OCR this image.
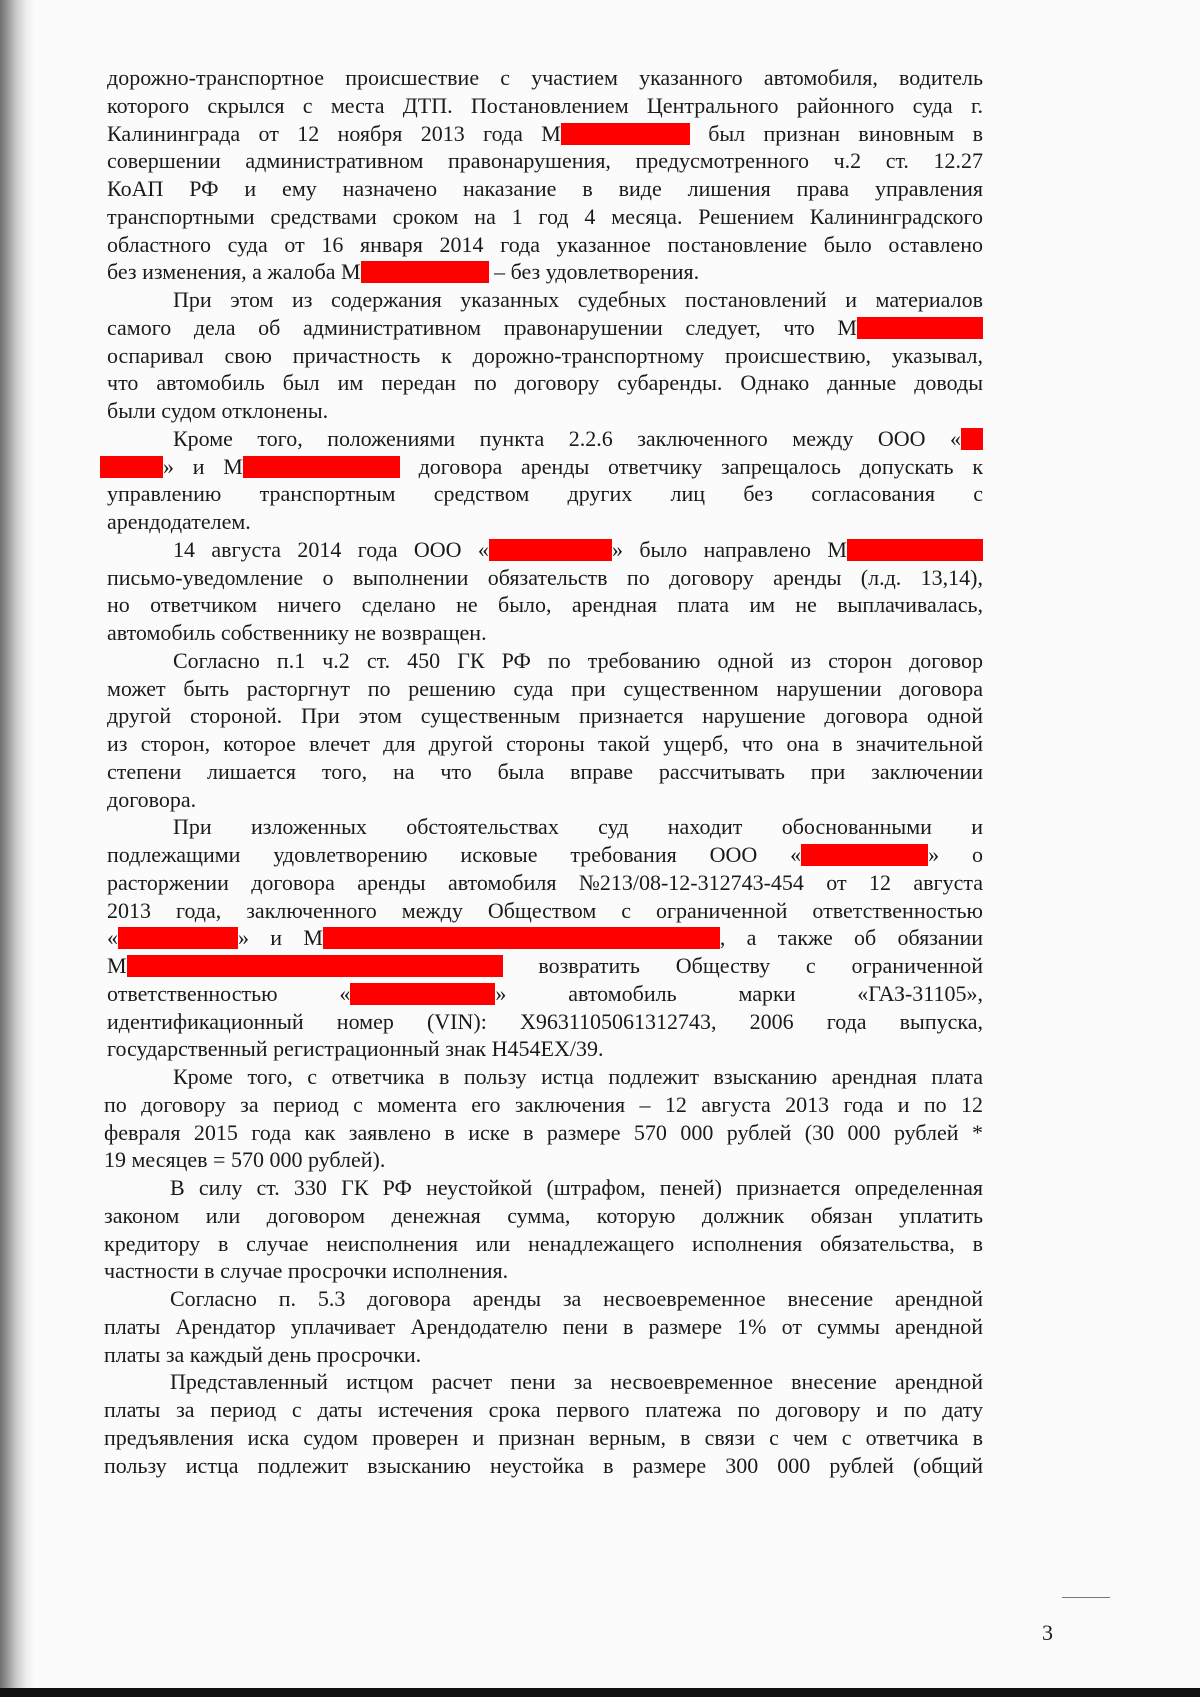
дорожно-транспортное происшествие с участием указанного автомобиля, водитель
которого скрылся с места ДТП. Постановлением Центрального районного суда г.
Калининграда от 12 ноября 2013 года М	был признан виновным в
совершении административном правонарушения, предусмотренного ч.2 ст. 12.27
КоАП РФ и ему назначено наказание в виде лишения права управления
транспортными средствами сроком на 1 год 4 месяца. Решением Калининградского
областного суда от 16 января 2014 года указанное постановление было оставлено
без изменения, а жалоба М	– без удовлетворения.
При этом из содержания указанных судебных постановлений и материалов
самого дела об административном правонарушении следует, что М
оспаривал свою причастность к дорожно-транспортному происшествию, указывал,
что автомобиль был им передан по договору субаренды. Однако данные доводы
были судом отклонены.
Кроме того, положениями пункта 2.2.6 заключенного между ООО «
» и М	договора аренды ответчику запрещалось допускать к
управлению транспортным средством других лиц без согласования с
арендодателем.
14 августа 2014 года ООО «	» было направлено М
письмо-уведомление о выполнении обязательств по договору аренды (л.д. 13,14),
но ответчиком ничего сделано не было, арендная плата им не выплачивалась,
автомобиль собственнику не возвращен.
Согласно п.1 ч.2 ст. 450 ГК РФ по требованию одной из сторон договор
может быть расторгнут по решению суда при существенном нарушении договора
другой стороной. При этом существенным признается нарушение договора одной
из сторон, которое влечет для другой стороны такой ущерб, что она в значительной
степени лишается того, на что была вправе рассчитывать при заключении
договора.
При изложенных обстоятельствах суд находит обоснованными и
подлежащими удовлетворению исковые требования ООО «	» о
расторжении договора аренды автомобиля №213/08-12-312743-454 от 12 августа
2013 года, заключенного между Обществом с ограниченной ответственностью
«	» и М	, а также об обязании
М	возвратить Обществу с ограниченной
ответственностью «	» автомобиль марки «ГАЗ-31105»,
идентификационный номер (VIN): Х9631105061312743, 2006 года выпуска,
государственный регистрационный знак Н454ЕХ/39.
Кроме того, с ответчика в пользу истца подлежит взысканию арендная плата
по договору за период с момента его заключения – 12 августа 2013 года и по 12
февраля 2015 года как заявлено в иске в размере 570 000 рублей (30 000 рублей *
19 месяцев = 570 000 рублей).
В силу ст. 330 ГК РФ неустойкой (штрафом, пеней) признается определенная
законом или договором денежная сумма, которую должник обязан уплатить
кредитору в случае неисполнения или ненадлежащего исполнения обязательства, в
частности в случае просрочки исполнения.
Согласно п. 5.3 договора аренды за несвоевременное внесение арендной
платы Арендатор уплачивает Арендодателю пени в размере 1% от суммы арендной
платы за каждый день просрочки.
Представленный истцом расчет пени за несвоевременное внесение арендной
платы за период с даты истечения срока первого платежа по договору и по дату
предъявления иска судом проверен и признан верным, в связи с чем с ответчика в
пользу истца подлежит взысканию неустойка в размере 300 000 рублей (общий
3
